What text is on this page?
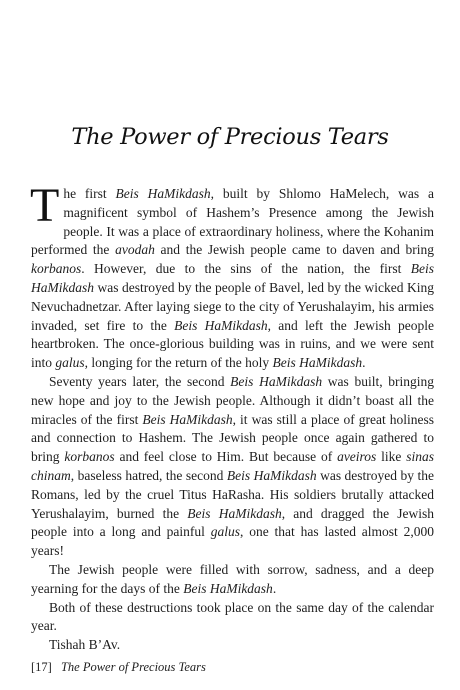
The Power of Precious Tears

The first Beis HaMikdash, built by Shlomo HaMelech, was a magnificent symbol of Hashem’s Presence among the Jewish people. It was a place of extraordinary holiness, where the Kohanim performed the avodah and the Jewish people came to daven and bring korbanos. However, due to the sins of the nation, the first Beis HaMikdash was destroyed by the people of Bavel, led by the wicked King Nevuchadnetzar. After laying siege to the city of Yerushalayim, his armies invaded, set fire to the Beis HaMikdash, and left the Jewish people heartbroken. The once-glorious building was in ruins, and we were sent into galus, longing for the return of the holy Beis HaMikdash.

Seventy years later, the second Beis HaMikdash was built, bringing new hope and joy to the Jewish people. Although it didn’t boast all the miracles of the first Beis HaMikdash, it was still a place of great holiness and connection to Hashem. The Jewish people once again gathered to bring korbanos and feel close to Him. But because of aveiros like sinas chinam, baseless hatred, the second Beis HaMikdash was destroyed by the Romans, led by the cruel Titus HaRasha. His soldiers brutally attacked Yerushalayim, burned the Beis HaMikdash, and dragged the Jewish people into a long and painful galus, one that has lasted almost 2,000 years!

The Jewish people were filled with sorrow, sadness, and a deep yearning for the days of the Beis HaMikdash.

Both of these destructions took place on the same day of the calendar year.

Tishah B’Av.

[17] The Power of Precious Tears
